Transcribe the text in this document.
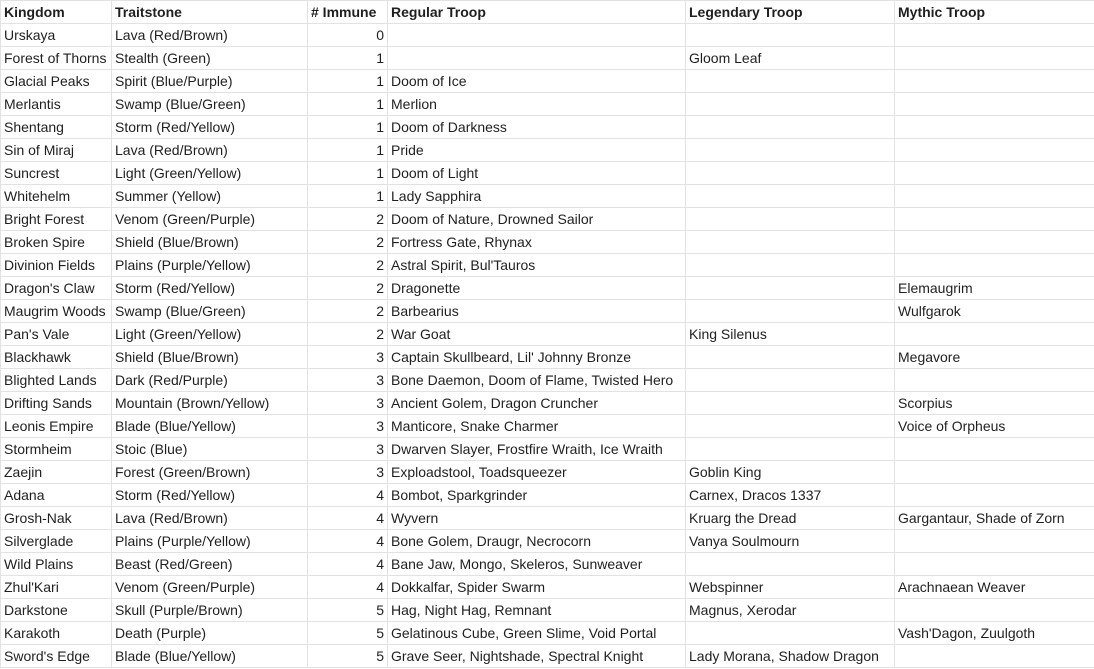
Kingdom	Traitstone	# Immune	Regular Troop	Legendary Troop	Mythic Troop
Urskaya	Lava (Red/Brown)	0			
Forest of Thorns	Stealth (Green)	1		Gloom Leaf	
Glacial Peaks	Spirit (Blue/Purple)	1	Doom of Ice		
Merlantis	Swamp (Blue/Green)	1	Merlion		
Shentang	Storm (Red/Yellow)	1	Doom of Darkness		
Sin of Miraj	Lava (Red/Brown)	1	Pride		
Suncrest	Light (Green/Yellow)	1	Doom of Light		
Whitehelm	Summer (Yellow)	1	Lady Sapphira		
Bright Forest	Venom (Green/Purple)	2	Doom of Nature, Drowned Sailor		
Broken Spire	Shield (Blue/Brown)	2	Fortress Gate, Rhynax		
Divinion Fields	Plains (Purple/Yellow)	2	Astral Spirit, Bul'Tauros		
Dragon's Claw	Storm (Red/Yellow)	2	Dragonette		Elemaugrim
Maugrim Woods	Swamp (Blue/Green)	2	Barbearius		Wulfgarok
Pan's Vale	Light (Green/Yellow)	2	War Goat	King Silenus	
Blackhawk	Shield (Blue/Brown)	3	Captain Skullbeard, Lil' Johnny Bronze		Megavore
Blighted Lands	Dark (Red/Purple)	3	Bone Daemon, Doom of Flame, Twisted Hero		
Drifting Sands	Mountain (Brown/Yellow)	3	Ancient Golem, Dragon Cruncher		Scorpius
Leonis Empire	Blade (Blue/Yellow)	3	Manticore, Snake Charmer		Voice of Orpheus
Stormheim	Stoic (Blue)	3	Dwarven Slayer, Frostfire Wraith, Ice Wraith		
Zaejin	Forest (Green/Brown)	3	Exploadstool, Toadsqueezer	Goblin King	
Adana	Storm (Red/Yellow)	4	Bombot, Sparkgrinder	Carnex, Dracos 1337	
Grosh-Nak	Lava (Red/Brown)	4	Wyvern	Kruarg the Dread	Gargantaur, Shade of Zorn
Silverglade	Plains (Purple/Yellow)	4	Bone Golem, Draugr, Necrocorn	Vanya Soulmourn	
Wild Plains	Beast (Red/Green)	4	Bane Jaw, Mongo, Skeleros, Sunweaver		
Zhul'Kari	Venom (Green/Purple)	4	Dokkalfar, Spider Swarm	Webspinner	Arachnaean Weaver
Darkstone	Skull (Purple/Brown)	5	Hag, Night Hag, Remnant	Magnus, Xerodar	
Karakoth	Death (Purple)	5	Gelatinous Cube, Green Slime, Void Portal		Vash'Dagon, Zuulgoth
Sword's Edge	Blade (Blue/Yellow)	5	Grave Seer, Nightshade, Spectral Knight	Lady Morana, Shadow Dragon	
